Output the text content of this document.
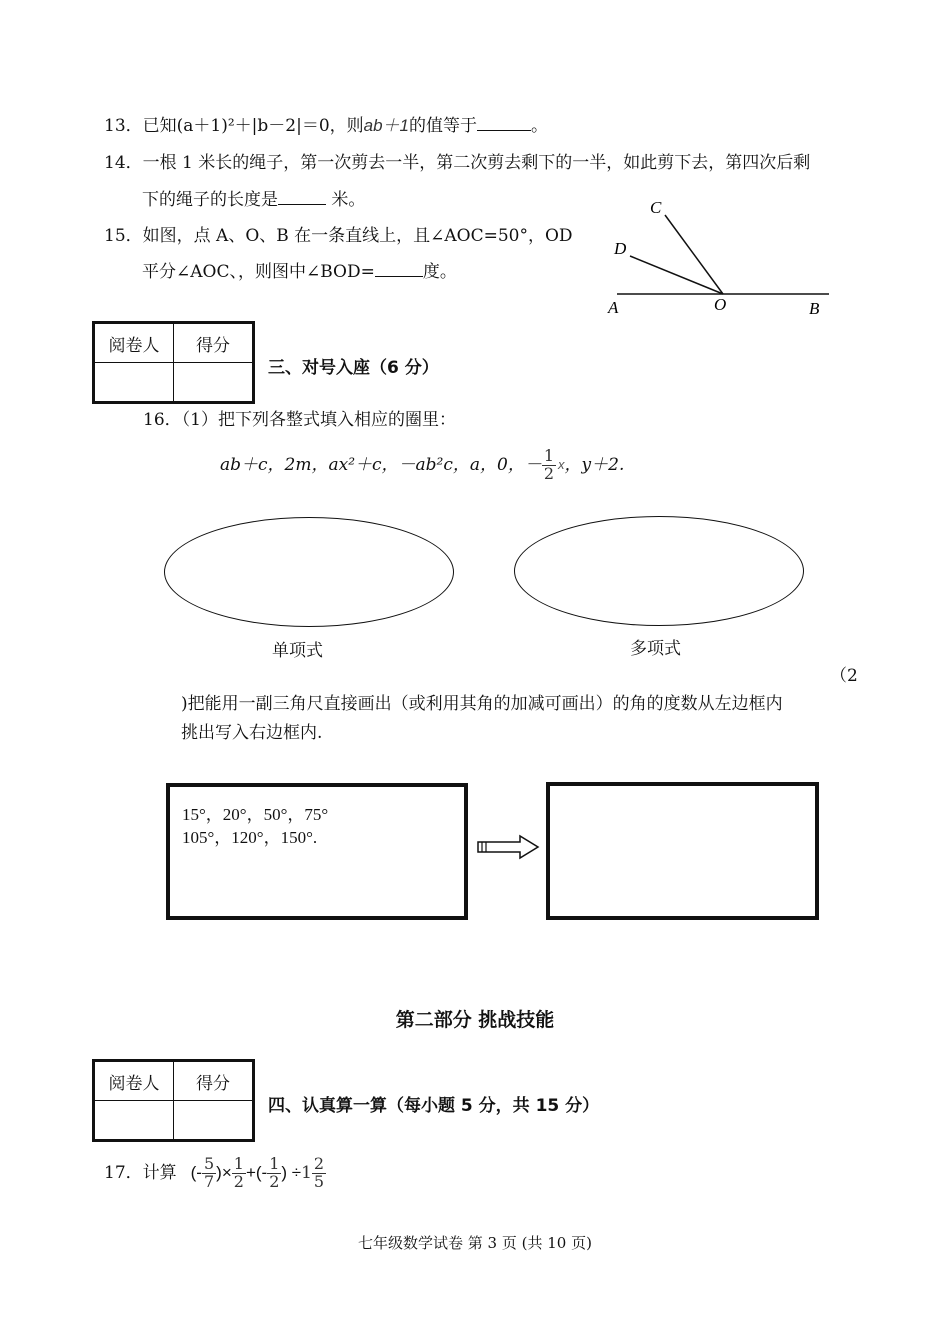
13．已知(a＋1)²＋|b－2|＝0，则ab＋1的值等于	。
14．一根 1 米长的绳子，第一次剪去一半，第二次剪去剩下的一半，如此剪下去，第四次后剩
下的绳子的长度是	米。
15．如图，点 A、O、B 在一条直线上，且∠AOC=50°，OD
平分∠AOC、，则图中∠BOD=	度。
A	O	B
C
D
阅卷人	得分

三、对号入座（6 分）
16．（1）把下列各整式填入相应的圈里：
ab＋c，2m，ax²＋c，－ab²c，a，0，－ $\frac{1}{2}$ x ，y＋2.
单项式	多项式
（2
)把能用一副三角尺直接画出（或利用其角的加减可画出）的角的度数从左边框内
挑出写入右边框内.
15°，20°，50°，75°
105°，120°，150°.
第二部分 挑战技能
阅卷人	得分

四、认真算一算（每小题 5 分，共 15 分）
17． 计算 (- $\frac{5}{7}$ )× $\frac{1}{2}$ +(- $\frac{1}{2}$ ) ÷ $1 \frac{2}{5}$
七年级数学试卷 第 3 页 (共 10 页)
